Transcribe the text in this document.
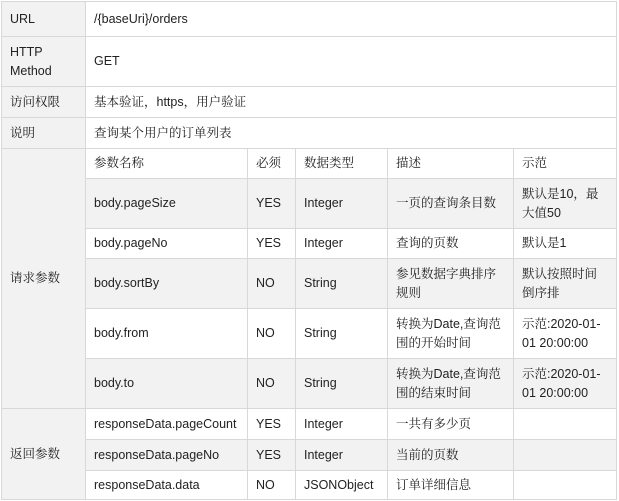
URL	/{baseUri}/orders				
HTTP Method	GET				
访问权限	基本验证，https，用户验证				
说明	查询某个用户的订单列表				
请求参数	参数名称	必须	数据类型	描述	示范
	body.pageSize	YES	Integer	一页的查询条目数	默认是10，最大值50
	body.pageNo	YES	Integer	查询的页数	默认是1
	body.sortBy	NO	String	参见数据字典排序规则	默认按照时间倒序排
	body.from	NO	String	转换为Date,查询范围的开始时间	示范:2020-01-01 20:00:00
	body.to	NO	String	转换为Date,查询范围的结束时间	示范:2020-01-01 20:00:00
返回参数	responseData.pageCount	YES	Integer	一共有多少页	
	responseData.pageNo	YES	Integer	当前的页数	
	responseData.data	NO	JSONObject	订单详细信息	
